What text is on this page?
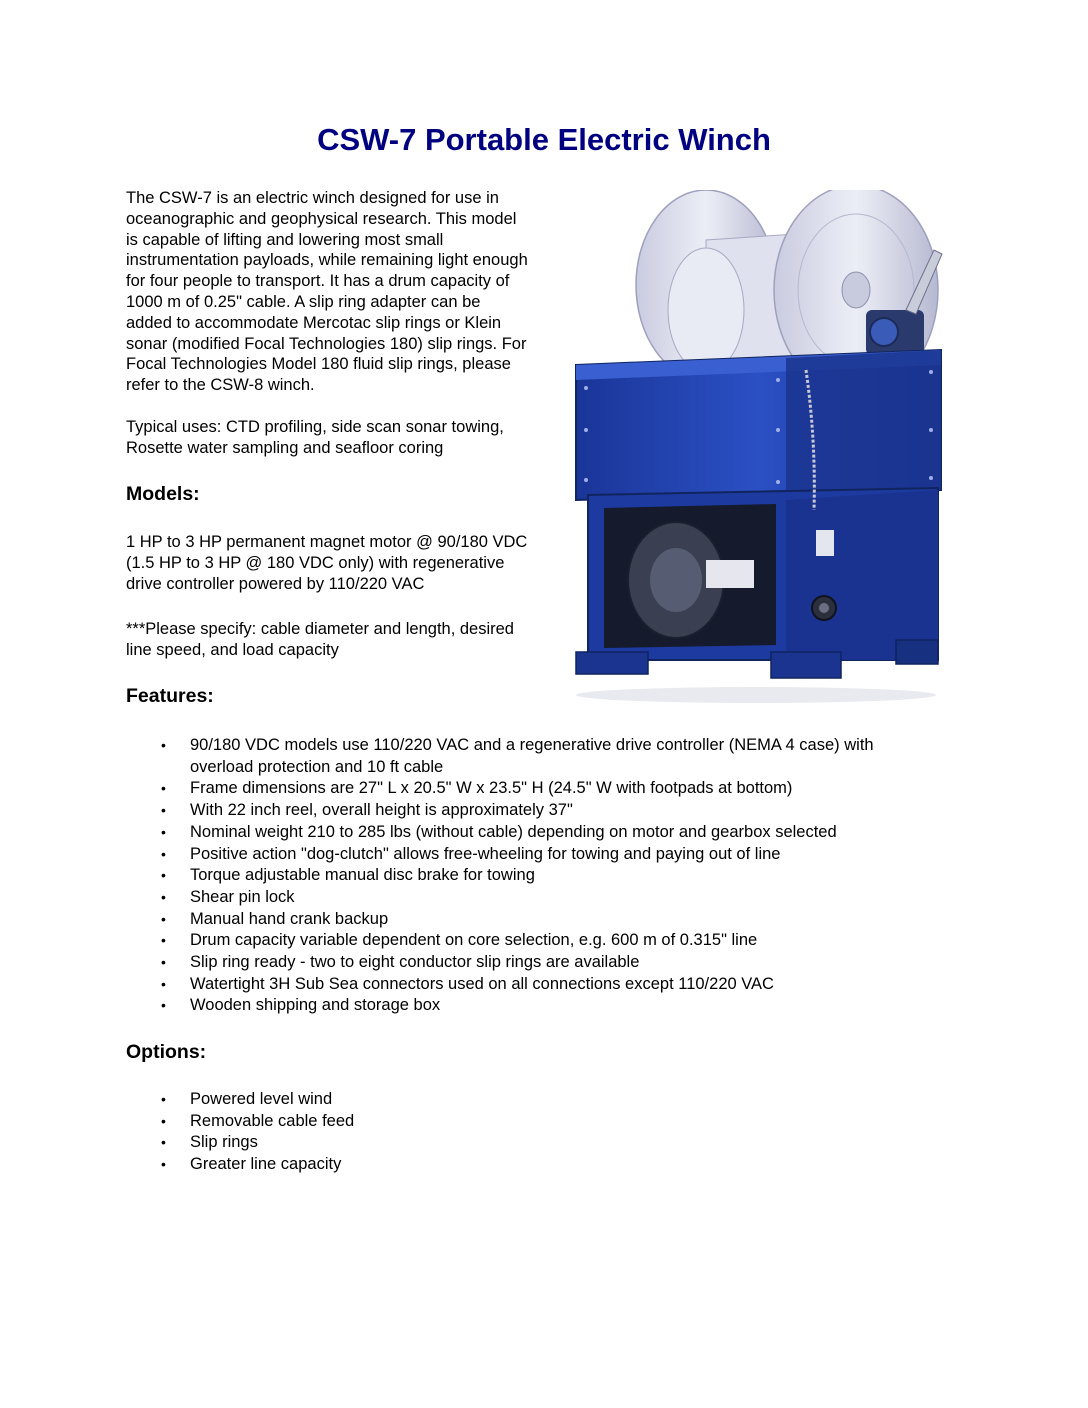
CSW-7 Portable Electric Winch
The CSW-7 is an electric winch designed for use in
oceanographic and geophysical research. This model
is capable of lifting and lowering most small
instrumentation payloads, while remaining light enough
for four people to transport. It has a drum capacity of
1000 m of 0.25" cable. A slip ring adapter can be
added to accommodate Mercotac slip rings or Klein
sonar (modified Focal Technologies 180) slip rings. For
Focal Technologies Model 180 fluid slip rings, please
refer to the CSW-8 winch.
Typical uses: CTD profiling, side scan sonar towing,
Rosette water sampling and seafloor coring
Models:
1 HP to 3 HP permanent magnet motor @ 90/180 VDC
(1.5 HP to 3 HP @ 180 VDC only) with regenerative
drive controller powered by 110/220 VAC
***Please specify: cable diameter and length, desired
line speed, and load capacity
Features:
• 90/180 VDC models use 110/220 VAC and a regenerative drive controller (NEMA 4 case) with
overload protection and 10 ft cable
• Frame dimensions are 27" L x 20.5" W x 23.5" H (24.5" W with footpads at bottom)
• With 22 inch reel, overall height is approximately 37"
• Nominal weight 210 to 285 lbs (without cable) depending on motor and gearbox selected
• Positive action "dog-clutch" allows free-wheeling for towing and paying out of line
• Torque adjustable manual disc brake for towing
• Shear pin lock
• Manual hand crank backup
• Drum capacity variable dependent on core selection, e.g. 600 m of 0.315" line
• Slip ring ready - two to eight conductor slip rings are available
• Watertight 3H Sub Sea connectors used on all connections except 110/220 VAC
• Wooden shipping and storage box
Options:
• Powered level wind
• Removable cable feed
• Slip rings
• Greater line capacity
